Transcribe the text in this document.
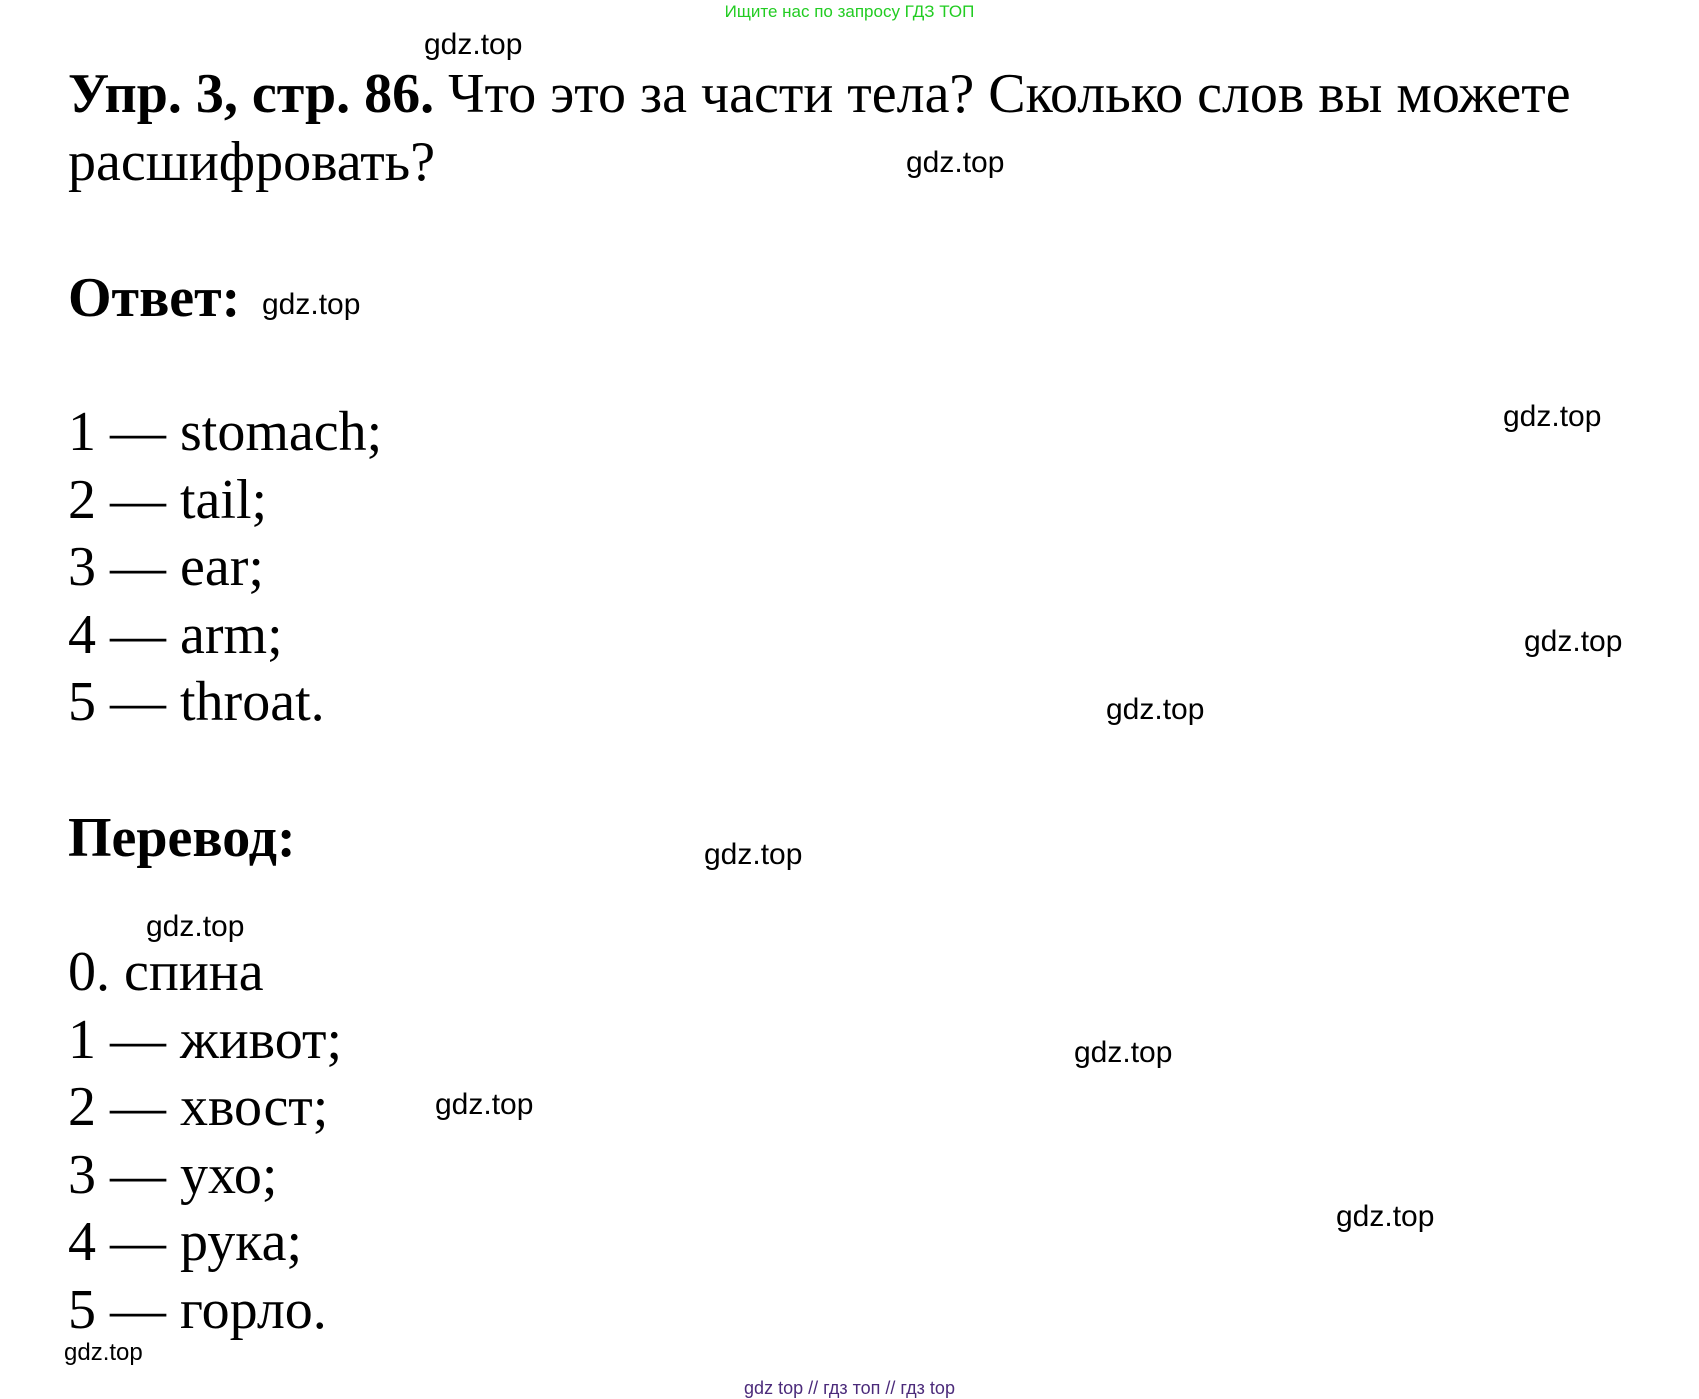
Ищите нас по запросу ГДЗ ТОП

Упр. 3, стр. 86. Что это за части тела? Сколько слов вы можете расшифровать?

Ответ:
1 — stomach;
2 — tail;
3 — ear;
4 — arm;
5 — throat.
Перевод:
0. спина
1 — живот;
2 — хвост;
3 — ухо;
4 — рука;
5 — горло.
gdz.top
gdz.top
gdz.top
gdz.top
gdz.top
gdz.top
gdz.top
gdz.top
gdz.top
gdz.top
gdz.top
gdz.top
gdz top // гдз топ // гдз top
